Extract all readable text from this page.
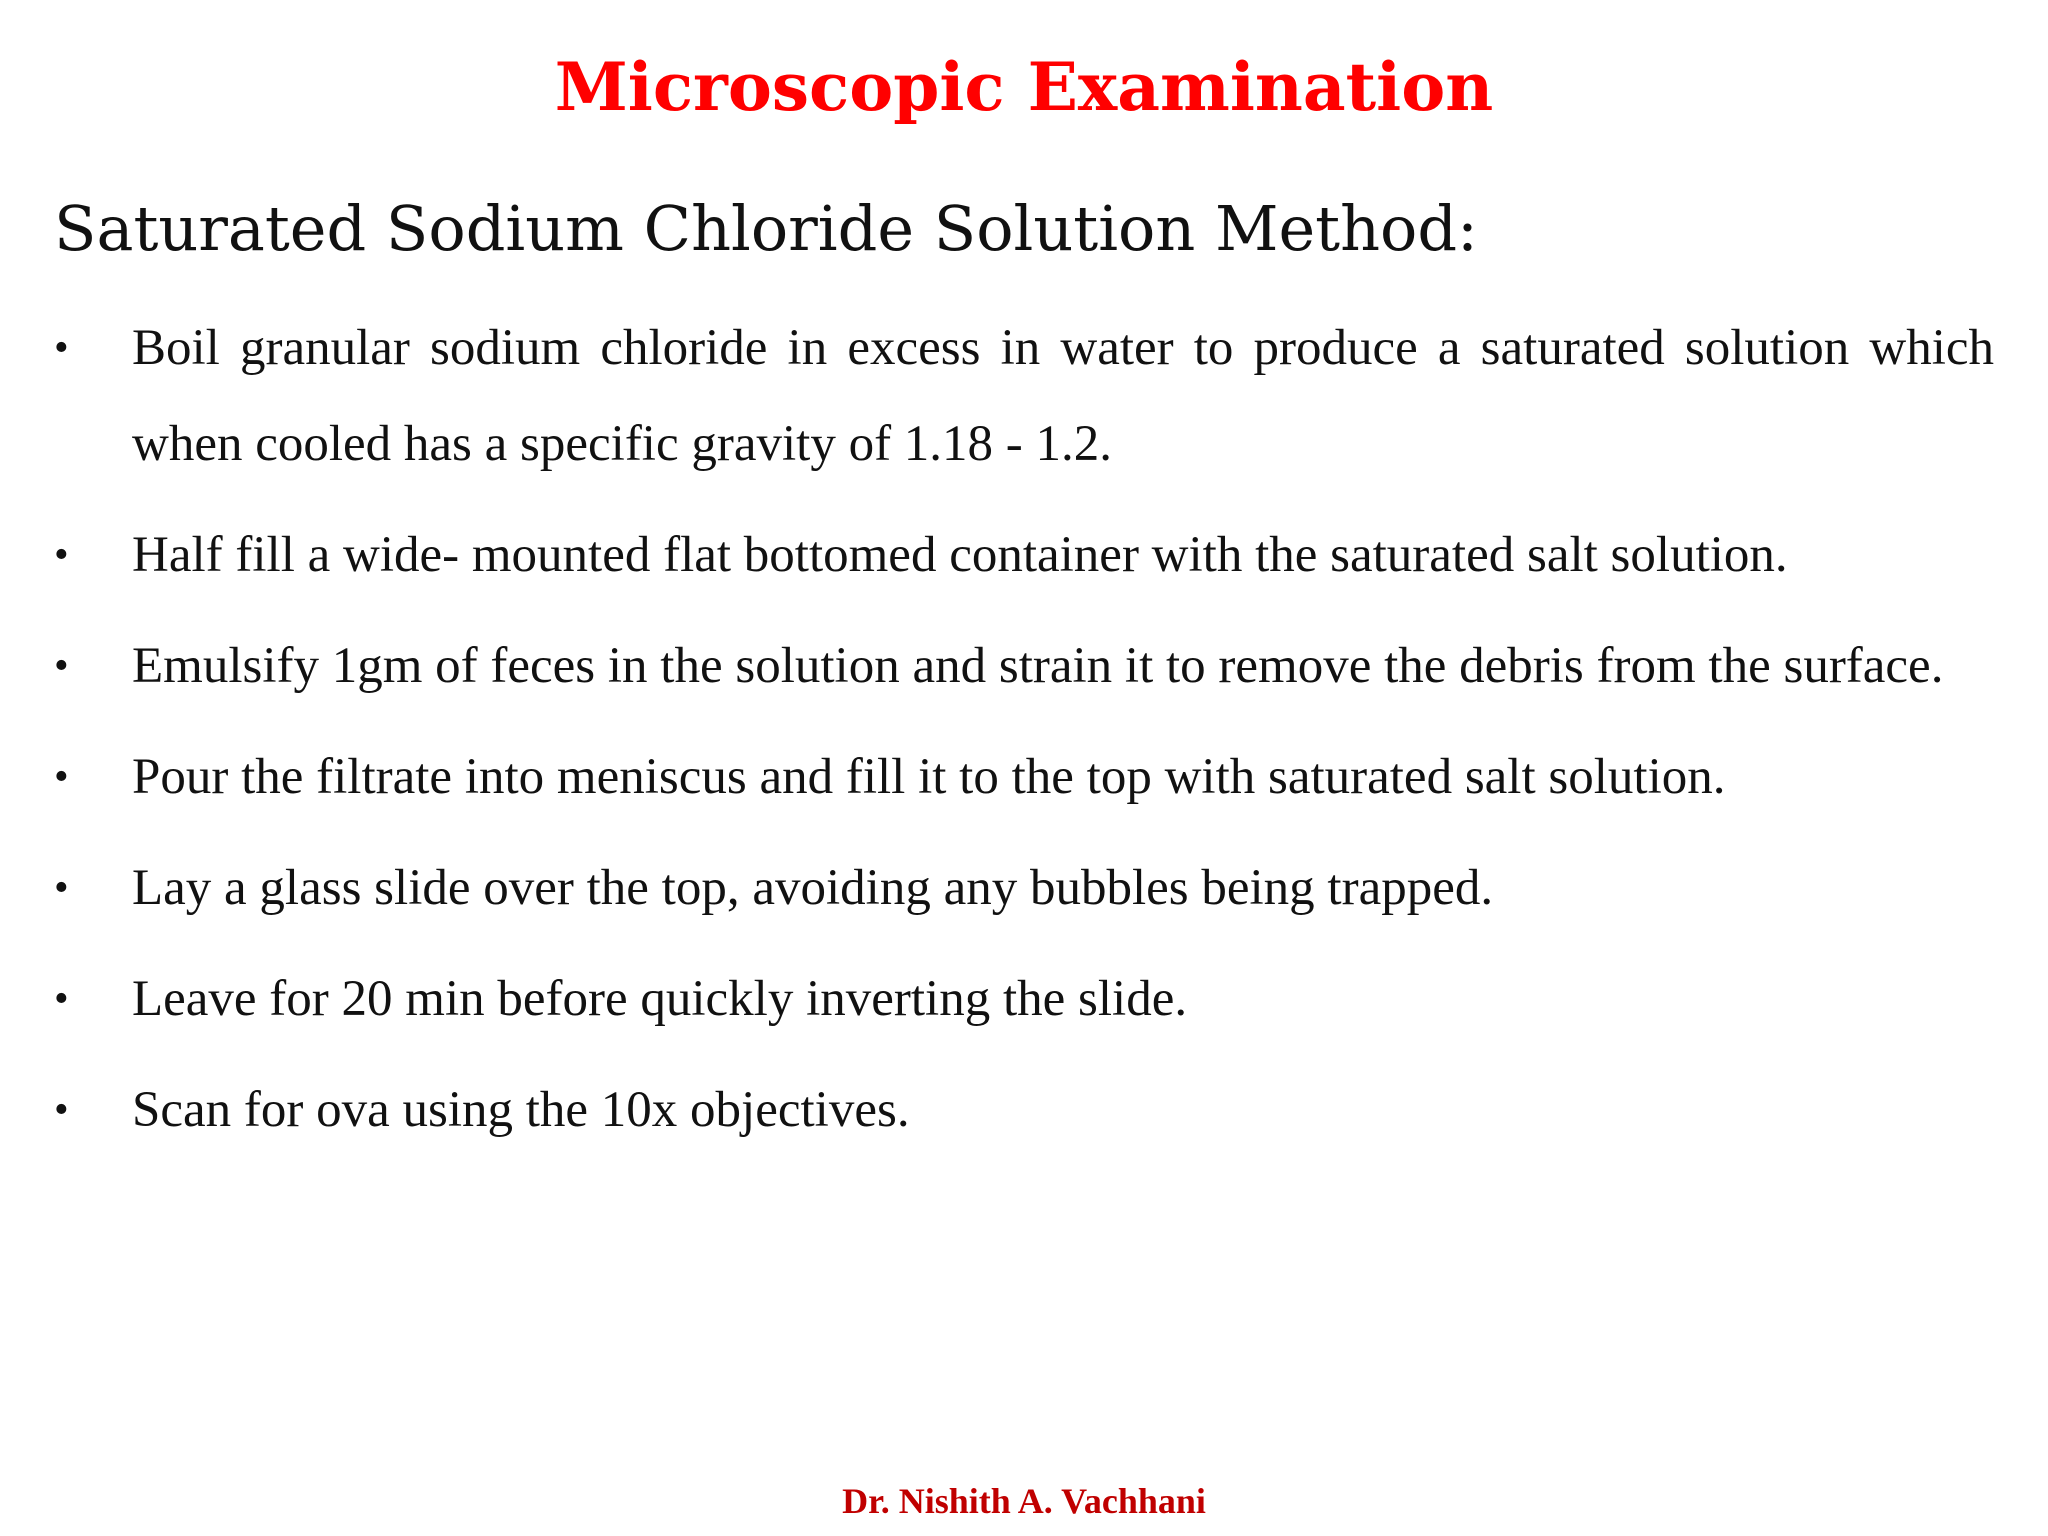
Microscopic Examination
Saturated Sodium Chloride Solution Method:
•	Boil granular sodium chloride in excess in water to produce a saturated solution which when cooled has a specific gravity of 1.18 - 1.2.
•	Half fill a wide- mounted flat bottomed container with the saturated salt solution.
•	Emulsify 1gm of feces in the solution and strain it to remove the debris from the surface.
•	Pour the filtrate into meniscus and fill it to the top with saturated salt solution.
•	Lay a glass slide over the top, avoiding any bubbles being trapped.
•	Leave for 20 min before quickly inverting the slide.
•	Scan for ova using the 10x objectives.
Dr. Nishith A. Vachhani
